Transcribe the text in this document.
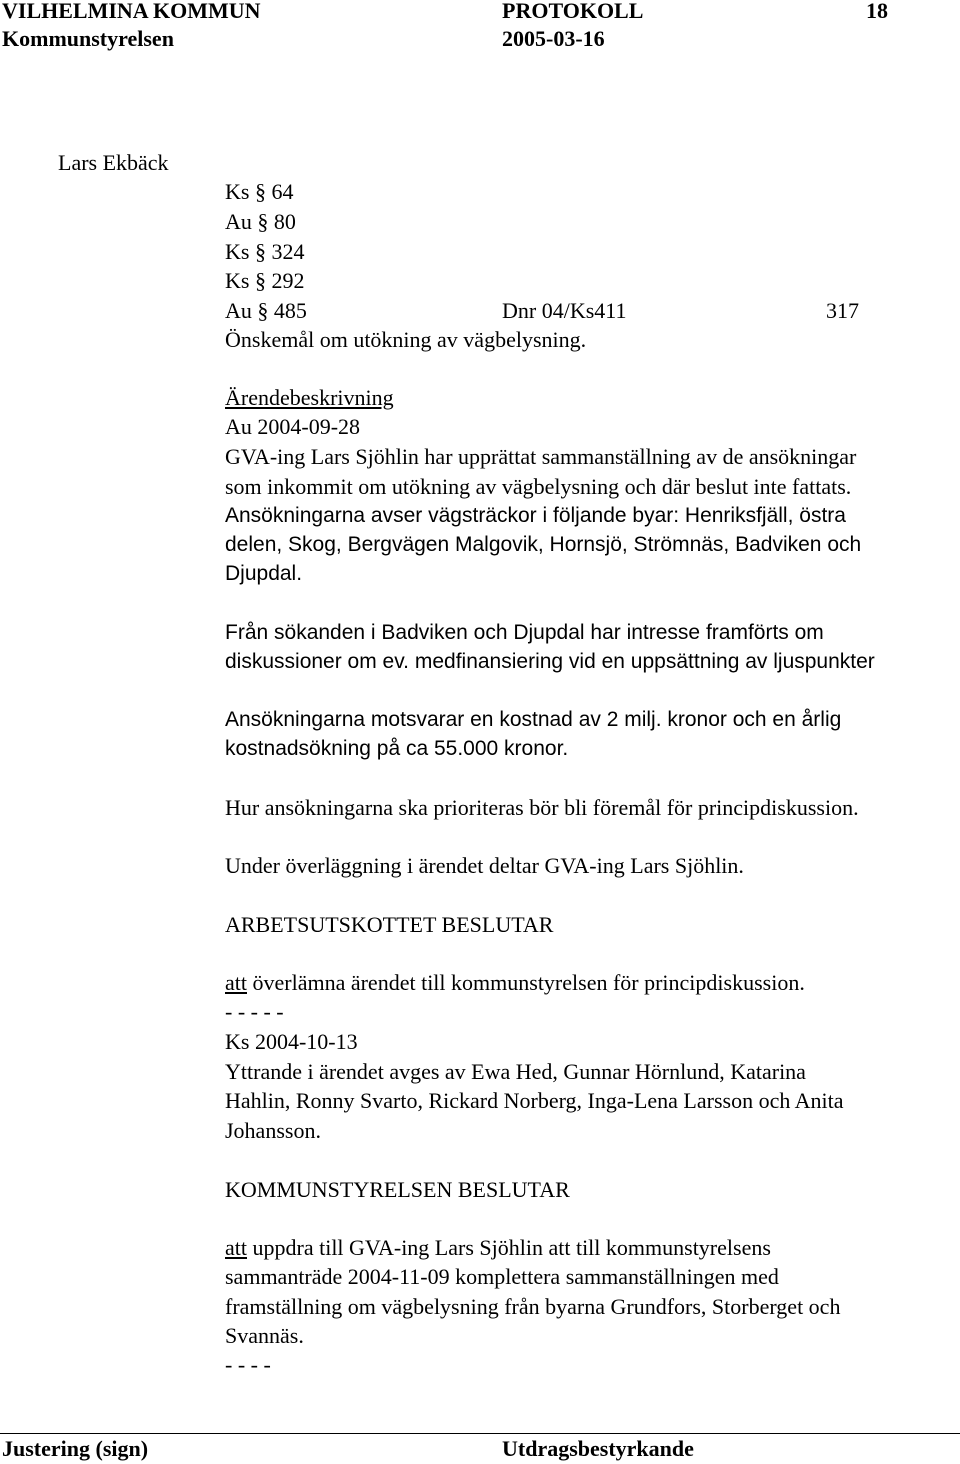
VILHELMINA KOMMUN	PROTOKOLL	18
Kommunstyrelsen	2005-03-16
Lars Ekbäck
Ks § 64
Au § 80
Ks § 324
Ks § 292
Au § 485	Dnr 04/Ks411	317
Önskemål om utökning av vägbelysning.
Ärendebeskrivning
Au 2004-09-28
GVA-ing Lars Sjöhlin har upprättat sammanställning av de ansökningar
som inkommit om utökning av vägbelysning och där beslut inte fattats.
Ansökningarna avser vägsträckor i följande byar: Henriksfjäll, östra
delen, Skog, Bergvägen Malgovik, Hornsjö, Strömnäs, Badviken och
Djupdal.
Från sökanden i Badviken och Djupdal har intresse framförts om
diskussioner om ev. medfinansiering vid en uppsättning av ljuspunkter
Ansökningarna motsvarar en kostnad av 2 milj. kronor och en årlig
kostnadsökning på ca 55.000 kronor.
Hur ansökningarna ska prioriteras bör bli föremål för principdiskussion.
Under överläggning i ärendet deltar GVA-ing Lars Sjöhlin.
ARBETSUTSKOTTET BESLUTAR
att överlämna ärendet till kommunstyrelsen för principdiskussion.
- - - - -
Ks 2004-10-13
Yttrande i ärendet avges av Ewa Hed, Gunnar Hörnlund, Katarina
Hahlin, Ronny Svarto, Rickard Norberg, Inga-Lena Larsson och Anita
Johansson.
KOMMUNSTYRELSEN BESLUTAR
att uppdra till GVA-ing Lars Sjöhlin att till kommunstyrelsens
sammanträde 2004-11-09 komplettera sammanställningen med
framställning om vägbelysning från byarna Grundfors, Storberget och
Svannäs.
- - - -
Justering (sign)	Utdragsbestyrkande
